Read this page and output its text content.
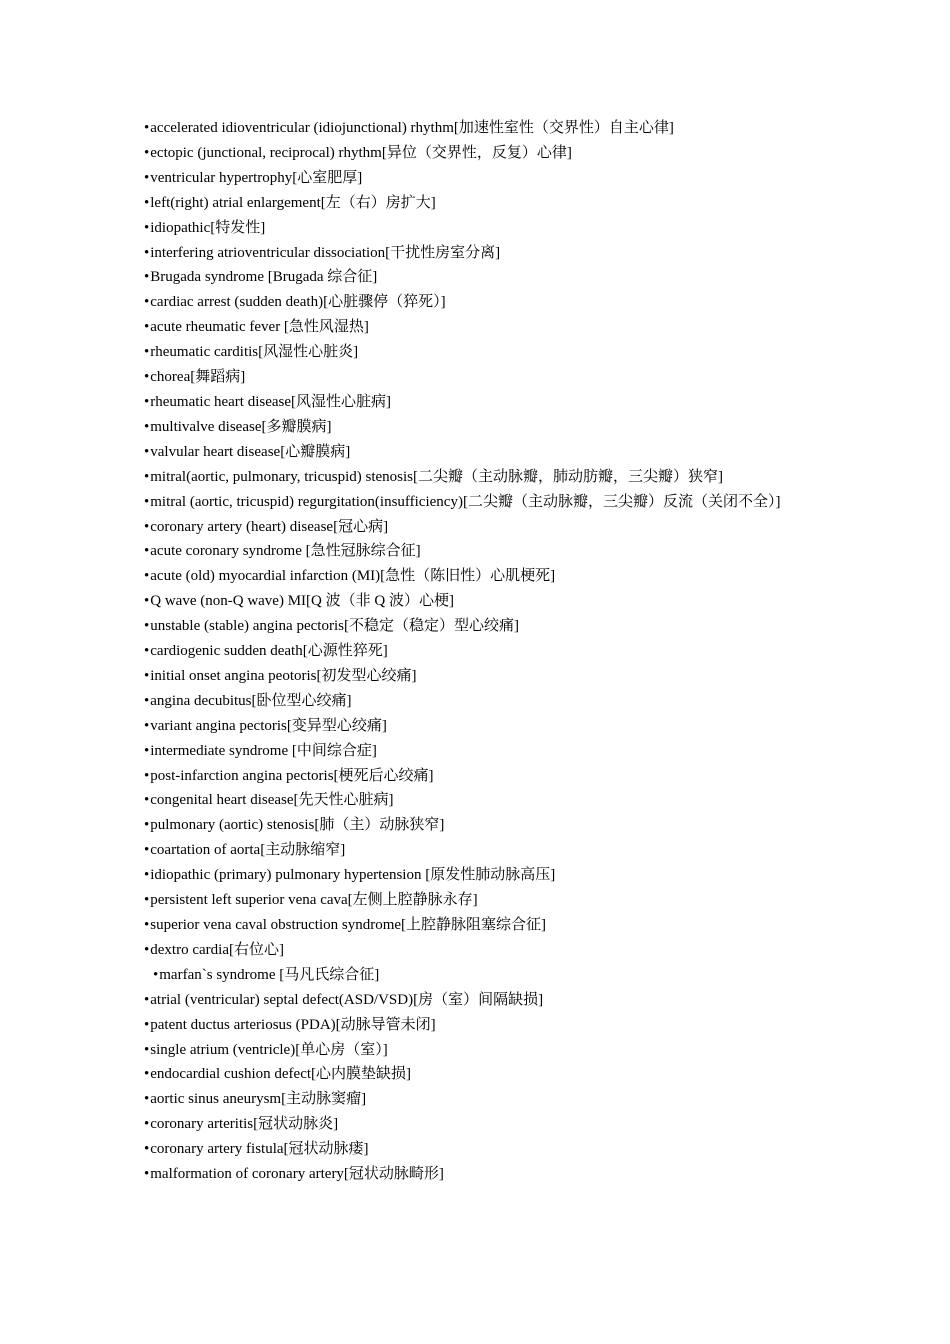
•accelerated idioventricular (idiojunctional) rhythm[加速性室性（交界性）自主心律]
•ectopic (junctional, reciprocal) rhythm[异位（交界性，反复）心律]
•ventricular hypertrophy[心室肥厚]
•left(right) atrial enlargement[左（右）房扩大]
•idiopathic[特发性]
•interfering atrioventricular dissociation[干扰性房室分离]
•Brugada syndrome [Brugada 综合征]
•cardiac arrest (sudden death)[心脏骤停（猝死）]
•acute rheumatic fever [急性风湿热]
•rheumatic carditis[风湿性心脏炎]
•chorea[舞蹈病]
•rheumatic heart disease[风湿性心脏病]
•multivalve disease[多瓣膜病]
•valvular heart disease[心瓣膜病]
•mitral(aortic, pulmonary, tricuspid) stenosis[二尖瓣（主动脉瓣，肺动肪瓣，三尖瓣）狭窄]
•mitral (aortic, tricuspid) regurgitation(insufficiency)[二尖瓣（主动脉瓣，三尖瓣）反流（关闭不全）]
•coronary artery (heart) disease[冠心病]
•acute coronary syndrome [急性冠脉综合征]
•acute (old) myocardial infarction (MI)[急性（陈旧性）心肌梗死]
•Q wave (non-Q wave) MI[Q 波（非 Q 波）心梗]
•unstable (stable) angina pectoris[不稳定（稳定）型心绞痛]
•cardiogenic sudden death[心源性猝死]
•initial onset angina peotoris[初发型心绞痛]
•angina decubitus[卧位型心绞痛]
•variant angina pectoris[变异型心绞痛]
•intermediate syndrome [中间综合症]
•post-infarction angina pectoris[梗死后心绞痛]
•congenital heart disease[先天性心脏病]
•pulmonary (aortic) stenosis[肺（主）动脉狭窄]
•coartation of aorta[主动脉缩窄]
•idiopathic (primary) pulmonary hypertension [原发性肺动脉高压]
•persistent left superior vena cava[左侧上腔静脉永存]
•superior vena caval obstruction syndrome[上腔静脉阻塞综合征]
•dextro cardia[右位心]
•marfan`s syndrome [马凡氏综合征]
•atrial (ventricular) septal defect(ASD/VSD)[房（室）间隔缺损]
•patent ductus arteriosus (PDA)[动脉导管未闭]
•single atrium (ventricle)[单心房（室）]
•endocardial cushion defect[心内膜垫缺损]
•aortic sinus aneurysm[主动脉窦瘤]
•coronary arteritis[冠状动脉炎]
•coronary artery fistula[冠状动脉瘘]
•malformation of coronary artery[冠状动脉畸形]
